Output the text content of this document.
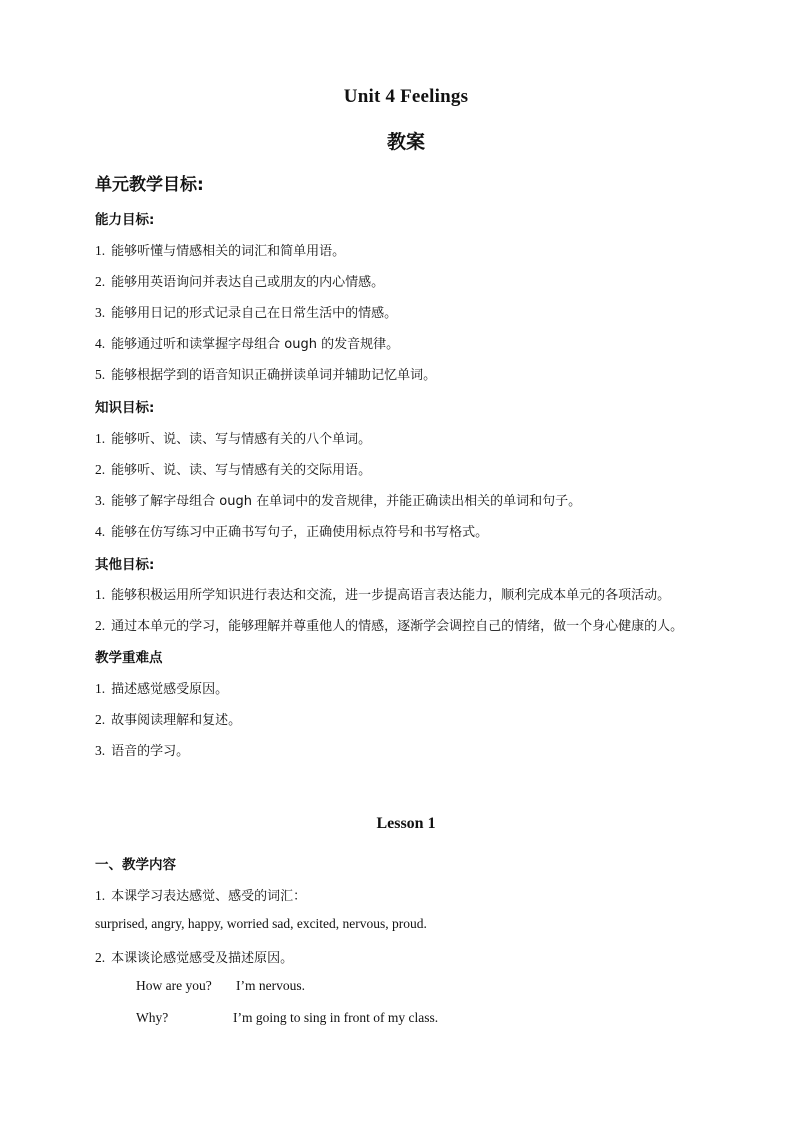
Unit 4 Feelings
教案
单元教学目标:
能力目标:
1. 能够听懂与情感相关的词汇和简单用语。
2. 能够用英语询问并表达自己或朋友的内心情感。
3. 能够用日记的形式记录自己在日常生活中的情感。
4. 能够通过听和读掌握字母组合 ough 的发音规律。
5. 能够根据学到的语音知识正确拼读单词并辅助记忆单词。
知识目标:
1. 能够听、说、读、写与情感有关的八个单词。
2. 能够听、说、读、写与情感有关的交际用语。
3. 能够了解字母组合 ough 在单词中的发音规律，并能正确读出相关的单词和句子。
4. 能够在仿写练习中正确书写句子，正确使用标点符号和书写格式。
其他目标:
1. 能够积极运用所学知识进行表达和交流，进一步提高语言表达能力，顺利完成本单元的各项活动。
2. 通过本单元的学习，能够理解并尊重他人的情感，逐渐学会调控自己的情绪，做一个身心健康的人。
教学重难点
1. 描述感觉感受原因。
2. 故事阅读理解和复述。
3. 语音的学习。
Lesson 1
一、教学内容
1. 本课学习表达感觉、感受的词汇：
surprised, angry, happy, worried sad, excited, nervous, proud.
2. 本课谈论感觉感受及描述原因。
How are you? I’m nervous.
Why?	I’m going to sing in front of my class.
